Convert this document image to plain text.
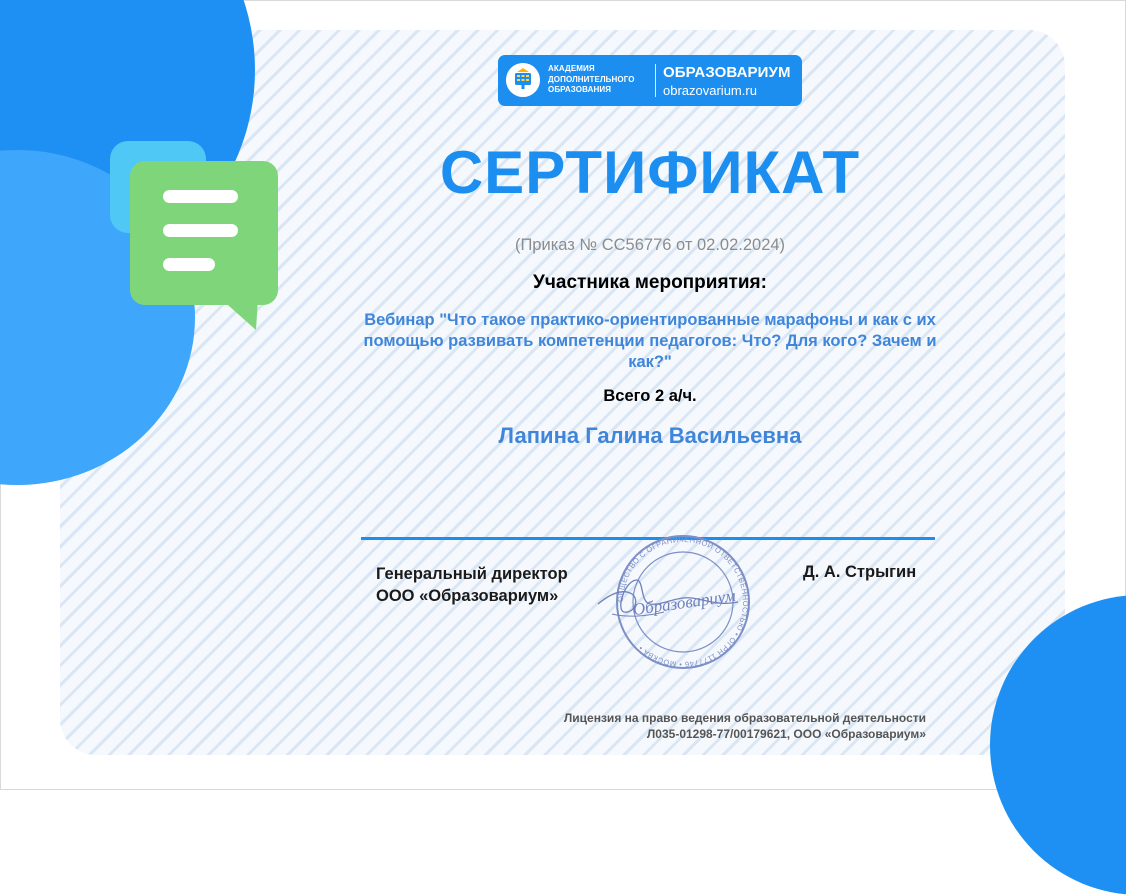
АКАДЕМИЯ
ДОПОЛНИТЕЛЬНОГО
ОБРАЗОВАНИЯ
ОБРАЗОВАРИУМ
obrazovarium.ru
СЕРТИФИКАТ
(Приказ № СС56776 от 02.02.2024)
Участника мероприятия:
Вебинар "Что такое практико-ориентированные марафоны и как с их помощью развивать компетенции педагогов: Что? Для кого? Зачем и как?"
Всего 2 а/ч.
Лапина Галина Васильевна
Генеральный директор
ООО «Образовариум»
Д. А. Стрыгин
ОБЩЕСТВО С ОГРАНИЧЕННОЙ ОТВЕТСТВЕННОСТЬЮ • ОГРН 1177746 • МОСКВА •
Образовариум
Лицензия на право ведения образовательной деятельности
Л035-01298-77/00179621, ООО «Образовариум»
